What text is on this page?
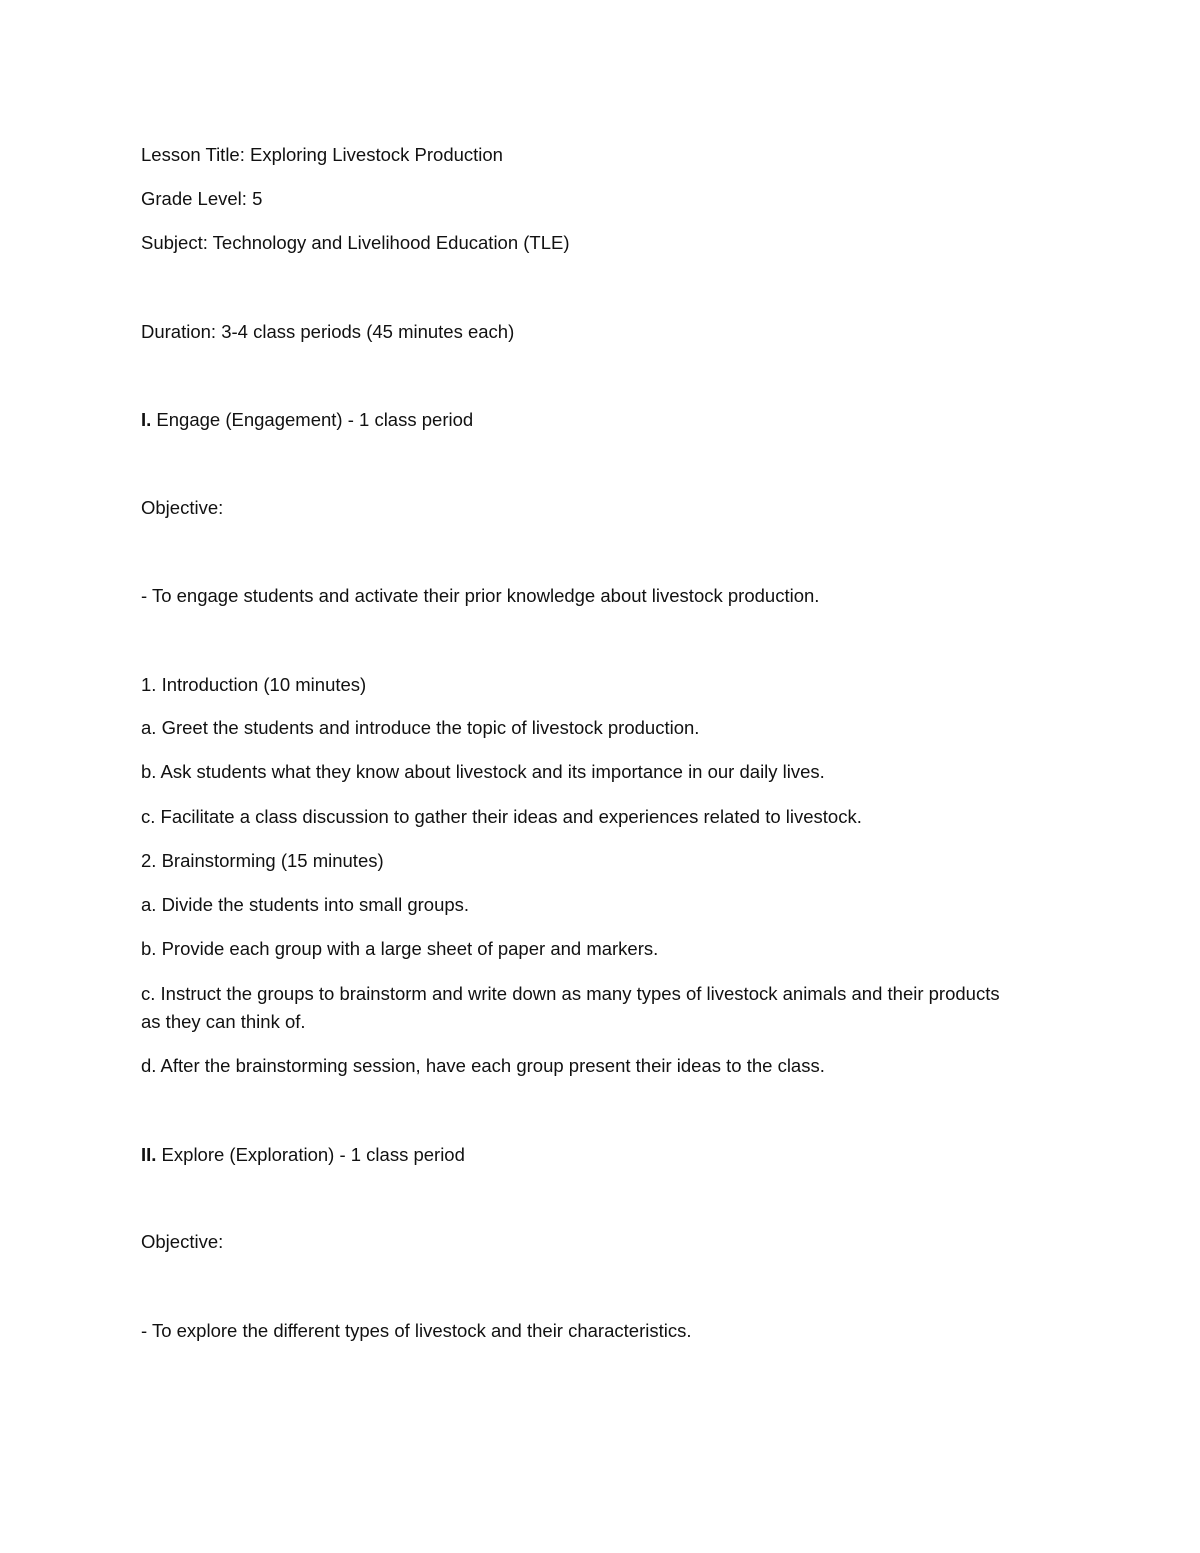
Lesson Title: Exploring Livestock Production
Grade Level: 5
Subject: Technology and Livelihood Education (TLE)
Duration: 3-4 class periods (45 minutes each)
I. Engage (Engagement) - 1 class period
Objective:
- To engage students and activate their prior knowledge about livestock production.
1. Introduction (10 minutes)
a. Greet the students and introduce the topic of livestock production.
b. Ask students what they know about livestock and its importance in our daily lives.
c. Facilitate a class discussion to gather their ideas and experiences related to livestock.
2. Brainstorming (15 minutes)
a. Divide the students into small groups.
b. Provide each group with a large sheet of paper and markers.
c. Instruct the groups to brainstorm and write down as many types of livestock animals and their products as they can think of.
d. After the brainstorming session, have each group present their ideas to the class.
II. Explore (Exploration) - 1 class period
Objective:
- To explore the different types of livestock and their characteristics.
